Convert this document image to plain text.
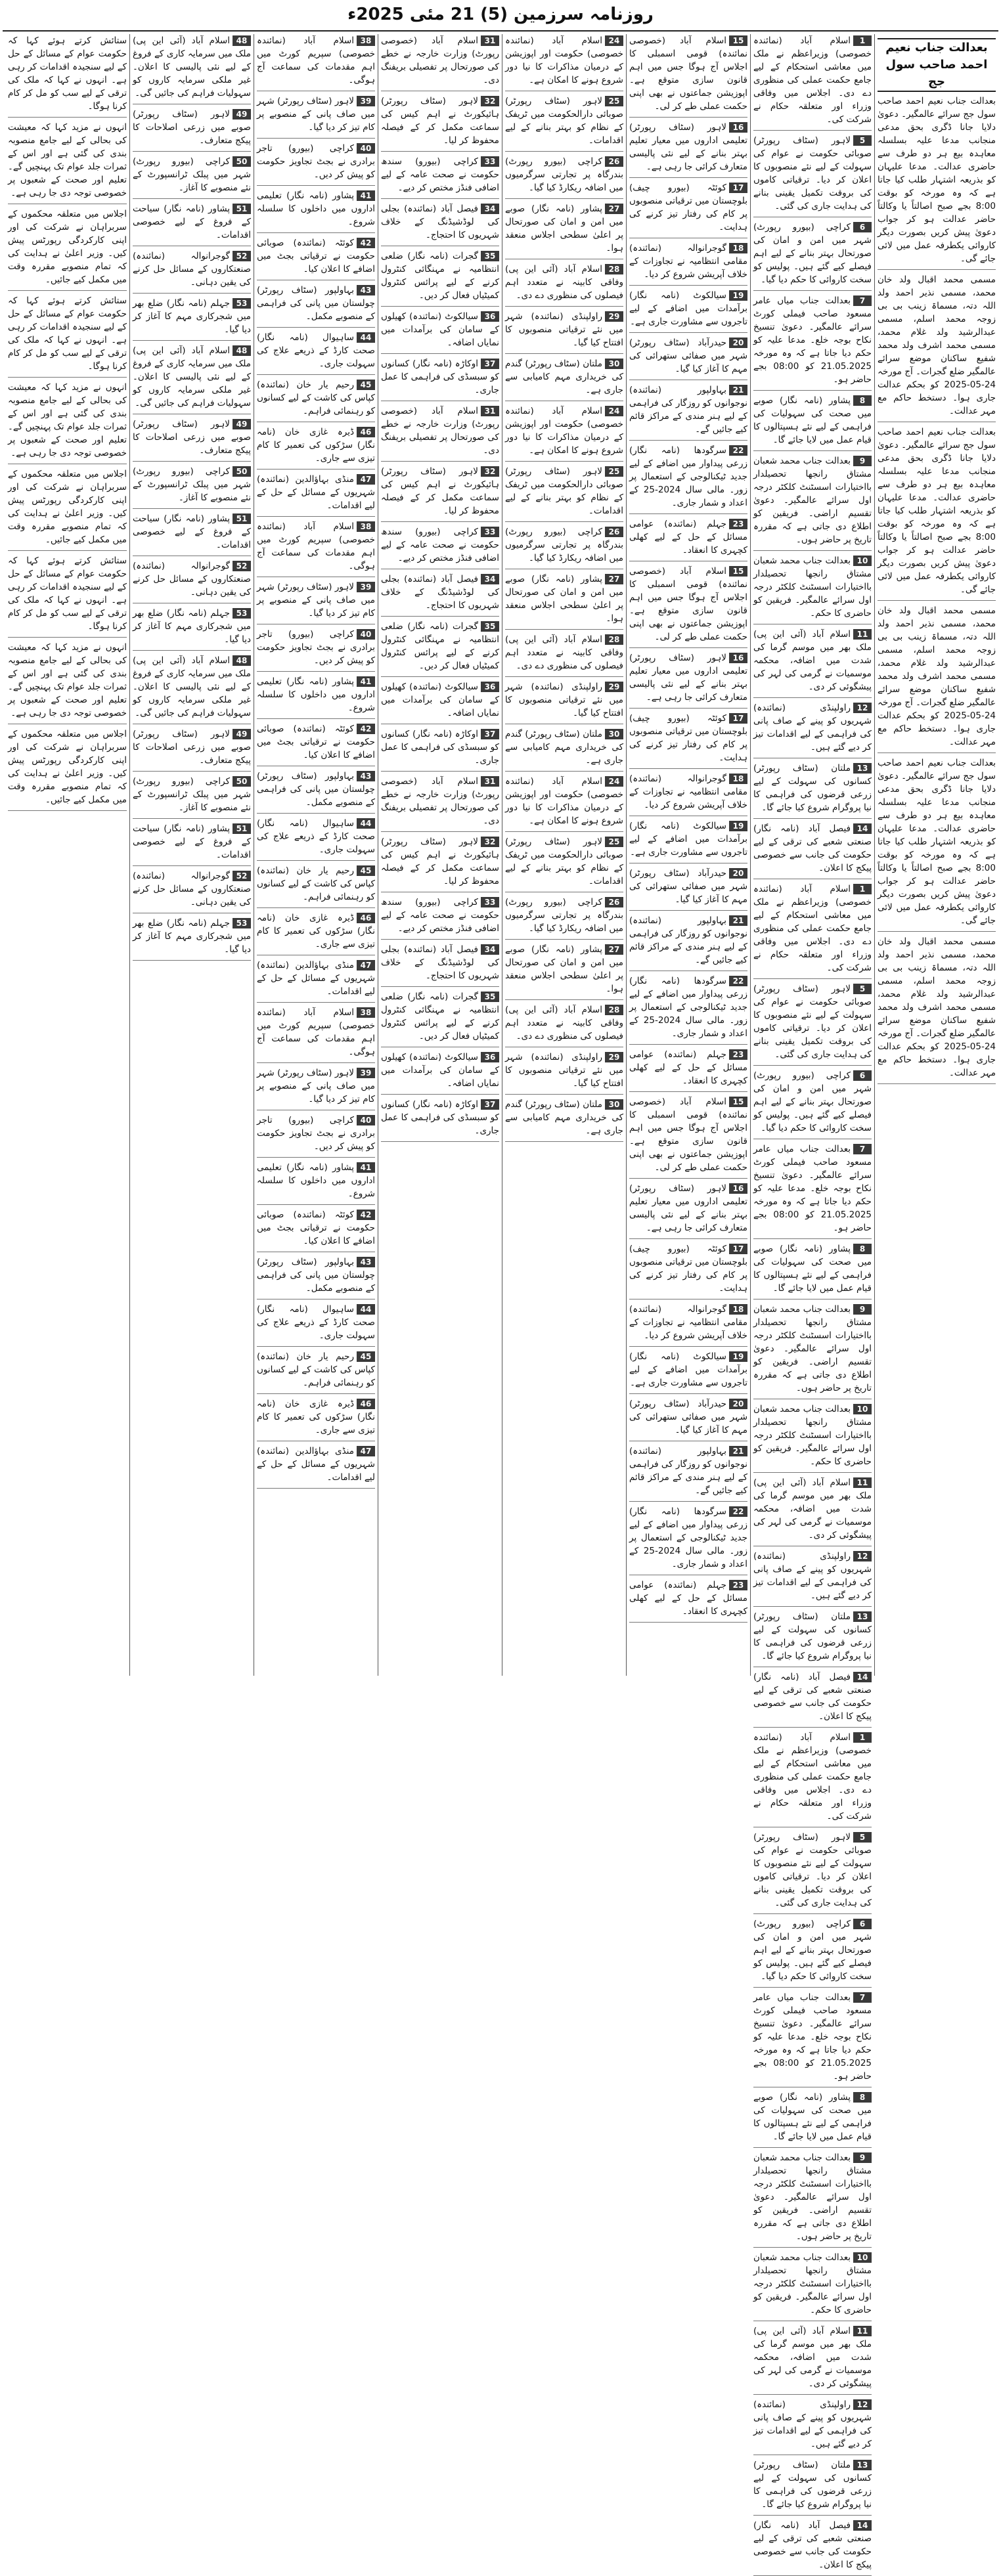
روزنامہ سرزمین (5) 21 مئی 2025ء
بعدالت جناب نعیم احمد صاحب سول جج
بعدالت جناب نعیم احمد صاحب سول جج سرائے عالمگیر۔ دعویٰ دلایا جانا ڈگری بحق مدعی منجانب مدعا علیہ بسلسلہ معاہدہ بیع ہر دو طرف سے حاضری عدالت۔ مدعا علیہان کو بذریعہ اشتہار طلب کیا جاتا ہے کہ وہ مورخہ کو بوقت 8:00 بجے صبح اصالتاً یا وکالتاً حاضر عدالت ہو کر جواب دعویٰ پیش کریں بصورت دیگر کاروائی یکطرفہ عمل میں لائی جائے گی۔
مسمی محمد اقبال ولد خان محمد، مسمی نذیر احمد ولد اللہ دتہ، مسماۃ زینب بی بی زوجہ محمد اسلم، مسمی عبدالرشید ولد غلام محمد، مسمی محمد اشرف ولد محمد شفیع ساکنان موضع سرائے عالمگیر ضلع گجرات۔ آج مورخہ 24-05-2025 کو بحکم عدالت جاری ہوا۔ دستخط حاکم مع مہر عدالت۔
بعدالت جناب نعیم احمد صاحب سول جج سرائے عالمگیر۔ دعویٰ دلایا جانا ڈگری بحق مدعی منجانب مدعا علیہ بسلسلہ معاہدہ بیع ہر دو طرف سے حاضری عدالت۔ مدعا علیہان کو بذریعہ اشتہار طلب کیا جاتا ہے کہ وہ مورخہ کو بوقت 8:00 بجے صبح اصالتاً یا وکالتاً حاضر عدالت ہو کر جواب دعویٰ پیش کریں بصورت دیگر کاروائی یکطرفہ عمل میں لائی جائے گی۔
مسمی محمد اقبال ولد خان محمد، مسمی نذیر احمد ولد اللہ دتہ، مسماۃ زینب بی بی زوجہ محمد اسلم، مسمی عبدالرشید ولد غلام محمد، مسمی محمد اشرف ولد محمد شفیع ساکنان موضع سرائے عالمگیر ضلع گجرات۔ آج مورخہ 24-05-2025 کو بحکم عدالت جاری ہوا۔ دستخط حاکم مع مہر عدالت۔
بعدالت جناب نعیم احمد صاحب سول جج سرائے عالمگیر۔ دعویٰ دلایا جانا ڈگری بحق مدعی منجانب مدعا علیہ بسلسلہ معاہدہ بیع ہر دو طرف سے حاضری عدالت۔ مدعا علیہان کو بذریعہ اشتہار طلب کیا جاتا ہے کہ وہ مورخہ کو بوقت 8:00 بجے صبح اصالتاً یا وکالتاً حاضر عدالت ہو کر جواب دعویٰ پیش کریں بصورت دیگر کاروائی یکطرفہ عمل میں لائی جائے گی۔
مسمی محمد اقبال ولد خان محمد، مسمی نذیر احمد ولد اللہ دتہ، مسماۃ زینب بی بی زوجہ محمد اسلم، مسمی عبدالرشید ولد غلام محمد، مسمی محمد اشرف ولد محمد شفیع ساکنان موضع سرائے عالمگیر ضلع گجرات۔ آج مورخہ 24-05-2025 کو بحکم عدالت جاری ہوا۔ دستخط حاکم مع مہر عدالت۔
1اسلام آباد (نمائندہ خصوصی) وزیراعظم نے ملک میں معاشی استحکام کے لیے جامع حکمت عملی کی منظوری دے دی۔ اجلاس میں وفاقی وزراء اور متعلقہ حکام نے شرکت کی۔
5لاہور (سٹاف رپورٹر) صوبائی حکومت نے عوام کی سہولت کے لیے نئے منصوبوں کا اعلان کر دیا۔ ترقیاتی کاموں کی بروقت تکمیل یقینی بنانے کی ہدایت جاری کی گئی۔
6کراچی (بیورو رپورٹ) شہر میں امن و امان کی صورتحال بہتر بنانے کے لیے اہم فیصلے کیے گئے ہیں۔ پولیس کو سخت کاروائی کا حکم دیا گیا۔
7بعدالت جناب میاں عامر مسعود صاحب فیملی کورٹ سرائے عالمگیر۔ دعویٰ تنسیخ نکاح بوجہ خلع۔ مدعا علیہ کو حکم دیا جاتا ہے کہ وہ مورخہ 21.05.2025 کو 08:00 بجے حاضر ہو۔
8پشاور (نامہ نگار) صوبے میں صحت کی سہولیات کی فراہمی کے لیے نئے ہسپتالوں کا قیام عمل میں لایا جائے گا۔
9بعدالت جناب محمد شعبان مشتاق رانجھا تحصیلدار بااختیارات اسسٹنٹ کلکٹر درجہ اول سرائے عالمگیر۔ دعویٰ تقسیم اراضی۔ فریقین کو اطلاع دی جاتی ہے کہ مقررہ تاریخ پر حاضر ہوں۔
10بعدالت جناب محمد شعبان مشتاق رانجھا تحصیلدار بااختیارات اسسٹنٹ کلکٹر درجہ اول سرائے عالمگیر۔ فریقین کو حاضری کا حکم۔
11اسلام آباد (آئی این پی) ملک بھر میں موسم گرما کی شدت میں اضافہ، محکمہ موسمیات نے گرمی کی لہر کی پیشگوئی کر دی۔
12راولپنڈی (نمائندہ) شہریوں کو پینے کے صاف پانی کی فراہمی کے لیے اقدامات تیز کر دیے گئے ہیں۔
13ملتان (سٹاف رپورٹر) کسانوں کی سہولت کے لیے زرعی قرضوں کی فراہمی کا نیا پروگرام شروع کیا جائے گا۔
14فیصل آباد (نامہ نگار) صنعتی شعبے کی ترقی کے لیے حکومت کی جانب سے خصوصی پیکج کا اعلان۔
1اسلام آباد (نمائندہ خصوصی) وزیراعظم نے ملک میں معاشی استحکام کے لیے جامع حکمت عملی کی منظوری دے دی۔ اجلاس میں وفاقی وزراء اور متعلقہ حکام نے شرکت کی۔
5لاہور (سٹاف رپورٹر) صوبائی حکومت نے عوام کی سہولت کے لیے نئے منصوبوں کا اعلان کر دیا۔ ترقیاتی کاموں کی بروقت تکمیل یقینی بنانے کی ہدایت جاری کی گئی۔
6کراچی (بیورو رپورٹ) شہر میں امن و امان کی صورتحال بہتر بنانے کے لیے اہم فیصلے کیے گئے ہیں۔ پولیس کو سخت کاروائی کا حکم دیا گیا۔
7بعدالت جناب میاں عامر مسعود صاحب فیملی کورٹ سرائے عالمگیر۔ دعویٰ تنسیخ نکاح بوجہ خلع۔ مدعا علیہ کو حکم دیا جاتا ہے کہ وہ مورخہ 21.05.2025 کو 08:00 بجے حاضر ہو۔
8پشاور (نامہ نگار) صوبے میں صحت کی سہولیات کی فراہمی کے لیے نئے ہسپتالوں کا قیام عمل میں لایا جائے گا۔
9بعدالت جناب محمد شعبان مشتاق رانجھا تحصیلدار بااختیارات اسسٹنٹ کلکٹر درجہ اول سرائے عالمگیر۔ دعویٰ تقسیم اراضی۔ فریقین کو اطلاع دی جاتی ہے کہ مقررہ تاریخ پر حاضر ہوں۔
10بعدالت جناب محمد شعبان مشتاق رانجھا تحصیلدار بااختیارات اسسٹنٹ کلکٹر درجہ اول سرائے عالمگیر۔ فریقین کو حاضری کا حکم۔
11اسلام آباد (آئی این پی) ملک بھر میں موسم گرما کی شدت میں اضافہ، محکمہ موسمیات نے گرمی کی لہر کی پیشگوئی کر دی۔
12راولپنڈی (نمائندہ) شہریوں کو پینے کے صاف پانی کی فراہمی کے لیے اقدامات تیز کر دیے گئے ہیں۔
13ملتان (سٹاف رپورٹر) کسانوں کی سہولت کے لیے زرعی قرضوں کی فراہمی کا نیا پروگرام شروع کیا جائے گا۔
14فیصل آباد (نامہ نگار) صنعتی شعبے کی ترقی کے لیے حکومت کی جانب سے خصوصی پیکج کا اعلان۔
1اسلام آباد (نمائندہ خصوصی) وزیراعظم نے ملک میں معاشی استحکام کے لیے جامع حکمت عملی کی منظوری دے دی۔ اجلاس میں وفاقی وزراء اور متعلقہ حکام نے شرکت کی۔
5لاہور (سٹاف رپورٹر) صوبائی حکومت نے عوام کی سہولت کے لیے نئے منصوبوں کا اعلان کر دیا۔ ترقیاتی کاموں کی بروقت تکمیل یقینی بنانے کی ہدایت جاری کی گئی۔
6کراچی (بیورو رپورٹ) شہر میں امن و امان کی صورتحال بہتر بنانے کے لیے اہم فیصلے کیے گئے ہیں۔ پولیس کو سخت کاروائی کا حکم دیا گیا۔
7بعدالت جناب میاں عامر مسعود صاحب فیملی کورٹ سرائے عالمگیر۔ دعویٰ تنسیخ نکاح بوجہ خلع۔ مدعا علیہ کو حکم دیا جاتا ہے کہ وہ مورخہ 21.05.2025 کو 08:00 بجے حاضر ہو۔
8پشاور (نامہ نگار) صوبے میں صحت کی سہولیات کی فراہمی کے لیے نئے ہسپتالوں کا قیام عمل میں لایا جائے گا۔
9بعدالت جناب محمد شعبان مشتاق رانجھا تحصیلدار بااختیارات اسسٹنٹ کلکٹر درجہ اول سرائے عالمگیر۔ دعویٰ تقسیم اراضی۔ فریقین کو اطلاع دی جاتی ہے کہ مقررہ تاریخ پر حاضر ہوں۔
10بعدالت جناب محمد شعبان مشتاق رانجھا تحصیلدار بااختیارات اسسٹنٹ کلکٹر درجہ اول سرائے عالمگیر۔ فریقین کو حاضری کا حکم۔
11اسلام آباد (آئی این پی) ملک بھر میں موسم گرما کی شدت میں اضافہ، محکمہ موسمیات نے گرمی کی لہر کی پیشگوئی کر دی۔
12راولپنڈی (نمائندہ) شہریوں کو پینے کے صاف پانی کی فراہمی کے لیے اقدامات تیز کر دیے گئے ہیں۔
13ملتان (سٹاف رپورٹر) کسانوں کی سہولت کے لیے زرعی قرضوں کی فراہمی کا نیا پروگرام شروع کیا جائے گا۔
14فیصل آباد (نامہ نگار) صنعتی شعبے کی ترقی کے لیے حکومت کی جانب سے خصوصی پیکج کا اعلان۔
15اسلام آباد (خصوصی نمائندہ) قومی اسمبلی کا اجلاس آج ہوگا جس میں اہم قانون سازی متوقع ہے۔ اپوزیشن جماعتوں نے بھی اپنی حکمت عملی طے کر لی۔
16لاہور (سٹاف رپورٹر) تعلیمی اداروں میں معیار تعلیم بہتر بنانے کے لیے نئی پالیسی متعارف کرائی جا رہی ہے۔
17کوئٹہ (بیورو چیف) بلوچستان میں ترقیاتی منصوبوں پر کام کی رفتار تیز کرنے کی ہدایت۔
18گوجرانوالہ (نمائندہ) مقامی انتظامیہ نے تجاوزات کے خلاف آپریشن شروع کر دیا۔
19سیالکوٹ (نامہ نگار) برآمدات میں اضافے کے لیے تاجروں سے مشاورت جاری ہے۔
20حیدرآباد (سٹاف رپورٹر) شہر میں صفائی ستھرائی کی مہم کا آغاز کیا گیا۔
21بہاولپور (نمائندہ) نوجوانوں کو روزگار کی فراہمی کے لیے ہنر مندی کے مراکز قائم کیے جائیں گے۔
22سرگودھا (نامہ نگار) زرعی پیداوار میں اضافے کے لیے جدید ٹیکنالوجی کے استعمال پر زور۔ مالی سال 2024-25 کے اعداد و شمار جاری۔
23جہلم (نمائندہ) عوامی مسائل کے حل کے لیے کھلی کچہری کا انعقاد۔
15اسلام آباد (خصوصی نمائندہ) قومی اسمبلی کا اجلاس آج ہوگا جس میں اہم قانون سازی متوقع ہے۔ اپوزیشن جماعتوں نے بھی اپنی حکمت عملی طے کر لی۔
16لاہور (سٹاف رپورٹر) تعلیمی اداروں میں معیار تعلیم بہتر بنانے کے لیے نئی پالیسی متعارف کرائی جا رہی ہے۔
17کوئٹہ (بیورو چیف) بلوچستان میں ترقیاتی منصوبوں پر کام کی رفتار تیز کرنے کی ہدایت۔
18گوجرانوالہ (نمائندہ) مقامی انتظامیہ نے تجاوزات کے خلاف آپریشن شروع کر دیا۔
19سیالکوٹ (نامہ نگار) برآمدات میں اضافے کے لیے تاجروں سے مشاورت جاری ہے۔
20حیدرآباد (سٹاف رپورٹر) شہر میں صفائی ستھرائی کی مہم کا آغاز کیا گیا۔
21بہاولپور (نمائندہ) نوجوانوں کو روزگار کی فراہمی کے لیے ہنر مندی کے مراکز قائم کیے جائیں گے۔
22سرگودھا (نامہ نگار) زرعی پیداوار میں اضافے کے لیے جدید ٹیکنالوجی کے استعمال پر زور۔ مالی سال 2024-25 کے اعداد و شمار جاری۔
23جہلم (نمائندہ) عوامی مسائل کے حل کے لیے کھلی کچہری کا انعقاد۔
15اسلام آباد (خصوصی نمائندہ) قومی اسمبلی کا اجلاس آج ہوگا جس میں اہم قانون سازی متوقع ہے۔ اپوزیشن جماعتوں نے بھی اپنی حکمت عملی طے کر لی۔
16لاہور (سٹاف رپورٹر) تعلیمی اداروں میں معیار تعلیم بہتر بنانے کے لیے نئی پالیسی متعارف کرائی جا رہی ہے۔
17کوئٹہ (بیورو چیف) بلوچستان میں ترقیاتی منصوبوں پر کام کی رفتار تیز کرنے کی ہدایت۔
18گوجرانوالہ (نمائندہ) مقامی انتظامیہ نے تجاوزات کے خلاف آپریشن شروع کر دیا۔
19سیالکوٹ (نامہ نگار) برآمدات میں اضافے کے لیے تاجروں سے مشاورت جاری ہے۔
20حیدرآباد (سٹاف رپورٹر) شہر میں صفائی ستھرائی کی مہم کا آغاز کیا گیا۔
21بہاولپور (نمائندہ) نوجوانوں کو روزگار کی فراہمی کے لیے ہنر مندی کے مراکز قائم کیے جائیں گے۔
22سرگودھا (نامہ نگار) زرعی پیداوار میں اضافے کے لیے جدید ٹیکنالوجی کے استعمال پر زور۔ مالی سال 2024-25 کے اعداد و شمار جاری۔
23جہلم (نمائندہ) عوامی مسائل کے حل کے لیے کھلی کچہری کا انعقاد۔
24اسلام آباد (نمائندہ خصوصی) حکومت اور اپوزیشن کے درمیان مذاکرات کا نیا دور شروع ہونے کا امکان ہے۔
25لاہور (سٹاف رپورٹر) صوبائی دارالحکومت میں ٹریفک کے نظام کو بہتر بنانے کے لیے اقدامات۔
26کراچی (بیورو رپورٹ) بندرگاہ پر تجارتی سرگرمیوں میں اضافہ ریکارڈ کیا گیا۔
27پشاور (نامہ نگار) صوبے میں امن و امان کی صورتحال پر اعلیٰ سطحی اجلاس منعقد ہوا۔
28اسلام آباد (آئی این پی) وفاقی کابینہ نے متعدد اہم فیصلوں کی منظوری دے دی۔
29راولپنڈی (نمائندہ) شہر میں نئے ترقیاتی منصوبوں کا افتتاح کیا گیا۔
30ملتان (سٹاف رپورٹر) گندم کی خریداری مہم کامیابی سے جاری ہے۔
24اسلام آباد (نمائندہ خصوصی) حکومت اور اپوزیشن کے درمیان مذاکرات کا نیا دور شروع ہونے کا امکان ہے۔
25لاہور (سٹاف رپورٹر) صوبائی دارالحکومت میں ٹریفک کے نظام کو بہتر بنانے کے لیے اقدامات۔
26کراچی (بیورو رپورٹ) بندرگاہ پر تجارتی سرگرمیوں میں اضافہ ریکارڈ کیا گیا۔
27پشاور (نامہ نگار) صوبے میں امن و امان کی صورتحال پر اعلیٰ سطحی اجلاس منعقد ہوا۔
28اسلام آباد (آئی این پی) وفاقی کابینہ نے متعدد اہم فیصلوں کی منظوری دے دی۔
29راولپنڈی (نمائندہ) شہر میں نئے ترقیاتی منصوبوں کا افتتاح کیا گیا۔
30ملتان (سٹاف رپورٹر) گندم کی خریداری مہم کامیابی سے جاری ہے۔
24اسلام آباد (نمائندہ خصوصی) حکومت اور اپوزیشن کے درمیان مذاکرات کا نیا دور شروع ہونے کا امکان ہے۔
25لاہور (سٹاف رپورٹر) صوبائی دارالحکومت میں ٹریفک کے نظام کو بہتر بنانے کے لیے اقدامات۔
26کراچی (بیورو رپورٹ) بندرگاہ پر تجارتی سرگرمیوں میں اضافہ ریکارڈ کیا گیا۔
27پشاور (نامہ نگار) صوبے میں امن و امان کی صورتحال پر اعلیٰ سطحی اجلاس منعقد ہوا۔
28اسلام آباد (آئی این پی) وفاقی کابینہ نے متعدد اہم فیصلوں کی منظوری دے دی۔
29راولپنڈی (نمائندہ) شہر میں نئے ترقیاتی منصوبوں کا افتتاح کیا گیا۔
30ملتان (سٹاف رپورٹر) گندم کی خریداری مہم کامیابی سے جاری ہے۔
31اسلام آباد (خصوصی رپورٹ) وزارت خارجہ نے خطے کی صورتحال پر تفصیلی بریفنگ دی۔
32لاہور (سٹاف رپورٹر) ہائیکورٹ نے اہم کیس کی سماعت مکمل کر کے فیصلہ محفوظ کر لیا۔
33کراچی (بیورو) سندھ حکومت نے صحت عامہ کے لیے اضافی فنڈز مختص کر دیے۔
34فیصل آباد (نمائندہ) بجلی کی لوڈشیڈنگ کے خلاف شہریوں کا احتجاج۔
35گجرات (نامہ نگار) ضلعی انتظامیہ نے مہنگائی کنٹرول کرنے کے لیے پرائس کنٹرول کمیٹیاں فعال کر دیں۔
36سیالکوٹ (نمائندہ) کھیلوں کے سامان کی برآمدات میں نمایاں اضافہ۔
37اوکاڑہ (نامہ نگار) کسانوں کو سبسڈی کی فراہمی کا عمل جاری۔
31اسلام آباد (خصوصی رپورٹ) وزارت خارجہ نے خطے کی صورتحال پر تفصیلی بریفنگ دی۔
32لاہور (سٹاف رپورٹر) ہائیکورٹ نے اہم کیس کی سماعت مکمل کر کے فیصلہ محفوظ کر لیا۔
33کراچی (بیورو) سندھ حکومت نے صحت عامہ کے لیے اضافی فنڈز مختص کر دیے۔
34فیصل آباد (نمائندہ) بجلی کی لوڈشیڈنگ کے خلاف شہریوں کا احتجاج۔
35گجرات (نامہ نگار) ضلعی انتظامیہ نے مہنگائی کنٹرول کرنے کے لیے پرائس کنٹرول کمیٹیاں فعال کر دیں۔
36سیالکوٹ (نمائندہ) کھیلوں کے سامان کی برآمدات میں نمایاں اضافہ۔
37اوکاڑہ (نامہ نگار) کسانوں کو سبسڈی کی فراہمی کا عمل جاری۔
31اسلام آباد (خصوصی رپورٹ) وزارت خارجہ نے خطے کی صورتحال پر تفصیلی بریفنگ دی۔
32لاہور (سٹاف رپورٹر) ہائیکورٹ نے اہم کیس کی سماعت مکمل کر کے فیصلہ محفوظ کر لیا۔
33کراچی (بیورو) سندھ حکومت نے صحت عامہ کے لیے اضافی فنڈز مختص کر دیے۔
34فیصل آباد (نمائندہ) بجلی کی لوڈشیڈنگ کے خلاف شہریوں کا احتجاج۔
35گجرات (نامہ نگار) ضلعی انتظامیہ نے مہنگائی کنٹرول کرنے کے لیے پرائس کنٹرول کمیٹیاں فعال کر دیں۔
36سیالکوٹ (نمائندہ) کھیلوں کے سامان کی برآمدات میں نمایاں اضافہ۔
37اوکاڑہ (نامہ نگار) کسانوں کو سبسڈی کی فراہمی کا عمل جاری۔
38اسلام آباد (نمائندہ خصوصی) سپریم کورٹ میں اہم مقدمات کی سماعت آج ہوگی۔
39لاہور (سٹاف رپورٹر) شہر میں صاف پانی کے منصوبے پر کام تیز کر دیا گیا۔
40کراچی (بیورو) تاجر برادری نے بجٹ تجاویز حکومت کو پیش کر دیں۔
41پشاور (نامہ نگار) تعلیمی اداروں میں داخلوں کا سلسلہ شروع۔
42کوئٹہ (نمائندہ) صوبائی حکومت نے ترقیاتی بجٹ میں اضافے کا اعلان کیا۔
43بہاولپور (سٹاف رپورٹر) چولستان میں پانی کی فراہمی کے منصوبے مکمل۔
44ساہیوال (نامہ نگار) صحت کارڈ کے ذریعے علاج کی سہولت جاری۔
45رحیم یار خان (نمائندہ) کپاس کی کاشت کے لیے کسانوں کو رہنمائی فراہم۔
46ڈیرہ غازی خان (نامہ نگار) سڑکوں کی تعمیر کا کام تیزی سے جاری۔
47منڈی بہاؤالدین (نمائندہ) شہریوں کے مسائل کے حل کے لیے اقدامات۔
38اسلام آباد (نمائندہ خصوصی) سپریم کورٹ میں اہم مقدمات کی سماعت آج ہوگی۔
39لاہور (سٹاف رپورٹر) شہر میں صاف پانی کے منصوبے پر کام تیز کر دیا گیا۔
40کراچی (بیورو) تاجر برادری نے بجٹ تجاویز حکومت کو پیش کر دیں۔
41پشاور (نامہ نگار) تعلیمی اداروں میں داخلوں کا سلسلہ شروع۔
42کوئٹہ (نمائندہ) صوبائی حکومت نے ترقیاتی بجٹ میں اضافے کا اعلان کیا۔
43بہاولپور (سٹاف رپورٹر) چولستان میں پانی کی فراہمی کے منصوبے مکمل۔
44ساہیوال (نامہ نگار) صحت کارڈ کے ذریعے علاج کی سہولت جاری۔
45رحیم یار خان (نمائندہ) کپاس کی کاشت کے لیے کسانوں کو رہنمائی فراہم۔
46ڈیرہ غازی خان (نامہ نگار) سڑکوں کی تعمیر کا کام تیزی سے جاری۔
47منڈی بہاؤالدین (نمائندہ) شہریوں کے مسائل کے حل کے لیے اقدامات۔
38اسلام آباد (نمائندہ خصوصی) سپریم کورٹ میں اہم مقدمات کی سماعت آج ہوگی۔
39لاہور (سٹاف رپورٹر) شہر میں صاف پانی کے منصوبے پر کام تیز کر دیا گیا۔
40کراچی (بیورو) تاجر برادری نے بجٹ تجاویز حکومت کو پیش کر دیں۔
41پشاور (نامہ نگار) تعلیمی اداروں میں داخلوں کا سلسلہ شروع۔
42کوئٹہ (نمائندہ) صوبائی حکومت نے ترقیاتی بجٹ میں اضافے کا اعلان کیا۔
43بہاولپور (سٹاف رپورٹر) چولستان میں پانی کی فراہمی کے منصوبے مکمل۔
44ساہیوال (نامہ نگار) صحت کارڈ کے ذریعے علاج کی سہولت جاری۔
45رحیم یار خان (نمائندہ) کپاس کی کاشت کے لیے کسانوں کو رہنمائی فراہم۔
46ڈیرہ غازی خان (نامہ نگار) سڑکوں کی تعمیر کا کام تیزی سے جاری۔
47منڈی بہاؤالدین (نمائندہ) شہریوں کے مسائل کے حل کے لیے اقدامات۔
48اسلام آباد (آئی این پی) ملک میں سرمایہ کاری کے فروغ کے لیے نئی پالیسی کا اعلان۔ غیر ملکی سرمایہ کاروں کو سہولیات فراہم کی جائیں گی۔
49لاہور (سٹاف رپورٹر) صوبے میں زرعی اصلاحات کا پیکج متعارف۔
50کراچی (بیورو رپورٹ) شہر میں پبلک ٹرانسپورٹ کے نئے منصوبے کا آغاز۔
51پشاور (نامہ نگار) سیاحت کے فروغ کے لیے خصوصی اقدامات۔
52گوجرانوالہ (نمائندہ) صنعتکاروں کے مسائل حل کرنے کی یقین دہانی۔
53جہلم (نامہ نگار) ضلع بھر میں شجرکاری مہم کا آغاز کر دیا گیا۔
48اسلام آباد (آئی این پی) ملک میں سرمایہ کاری کے فروغ کے لیے نئی پالیسی کا اعلان۔ غیر ملکی سرمایہ کاروں کو سہولیات فراہم کی جائیں گی۔
49لاہور (سٹاف رپورٹر) صوبے میں زرعی اصلاحات کا پیکج متعارف۔
50کراچی (بیورو رپورٹ) شہر میں پبلک ٹرانسپورٹ کے نئے منصوبے کا آغاز۔
51پشاور (نامہ نگار) سیاحت کے فروغ کے لیے خصوصی اقدامات۔
52گوجرانوالہ (نمائندہ) صنعتکاروں کے مسائل حل کرنے کی یقین دہانی۔
53جہلم (نامہ نگار) ضلع بھر میں شجرکاری مہم کا آغاز کر دیا گیا۔
48اسلام آباد (آئی این پی) ملک میں سرمایہ کاری کے فروغ کے لیے نئی پالیسی کا اعلان۔ غیر ملکی سرمایہ کاروں کو سہولیات فراہم کی جائیں گی۔
49لاہور (سٹاف رپورٹر) صوبے میں زرعی اصلاحات کا پیکج متعارف۔
50کراچی (بیورو رپورٹ) شہر میں پبلک ٹرانسپورٹ کے نئے منصوبے کا آغاز۔
51پشاور (نامہ نگار) سیاحت کے فروغ کے لیے خصوصی اقدامات۔
52گوجرانوالہ (نمائندہ) صنعتکاروں کے مسائل حل کرنے کی یقین دہانی۔
53جہلم (نامہ نگار) ضلع بھر میں شجرکاری مہم کا آغاز کر دیا گیا۔
ستائش کرتے ہوئے کہا کہ حکومت عوام کے مسائل کے حل کے لیے سنجیدہ اقدامات کر رہی ہے۔ انہوں نے کہا کہ ملک کی ترقی کے لیے سب کو مل کر کام کرنا ہوگا۔
انہوں نے مزید کہا کہ معیشت کی بحالی کے لیے جامع منصوبہ بندی کی گئی ہے اور اس کے ثمرات جلد عوام تک پہنچیں گے۔ تعلیم اور صحت کے شعبوں پر خصوصی توجہ دی جا رہی ہے۔
اجلاس میں متعلقہ محکموں کے سربراہان نے شرکت کی اور اپنی کارکردگی رپورٹس پیش کیں۔ وزیر اعلیٰ نے ہدایت کی کہ تمام منصوبے مقررہ وقت میں مکمل کیے جائیں۔
ستائش کرتے ہوئے کہا کہ حکومت عوام کے مسائل کے حل کے لیے سنجیدہ اقدامات کر رہی ہے۔ انہوں نے کہا کہ ملک کی ترقی کے لیے سب کو مل کر کام کرنا ہوگا۔
انہوں نے مزید کہا کہ معیشت کی بحالی کے لیے جامع منصوبہ بندی کی گئی ہے اور اس کے ثمرات جلد عوام تک پہنچیں گے۔ تعلیم اور صحت کے شعبوں پر خصوصی توجہ دی جا رہی ہے۔
اجلاس میں متعلقہ محکموں کے سربراہان نے شرکت کی اور اپنی کارکردگی رپورٹس پیش کیں۔ وزیر اعلیٰ نے ہدایت کی کہ تمام منصوبے مقررہ وقت میں مکمل کیے جائیں۔
ستائش کرتے ہوئے کہا کہ حکومت عوام کے مسائل کے حل کے لیے سنجیدہ اقدامات کر رہی ہے۔ انہوں نے کہا کہ ملک کی ترقی کے لیے سب کو مل کر کام کرنا ہوگا۔
انہوں نے مزید کہا کہ معیشت کی بحالی کے لیے جامع منصوبہ بندی کی گئی ہے اور اس کے ثمرات جلد عوام تک پہنچیں گے۔ تعلیم اور صحت کے شعبوں پر خصوصی توجہ دی جا رہی ہے۔
اجلاس میں متعلقہ محکموں کے سربراہان نے شرکت کی اور اپنی کارکردگی رپورٹس پیش کیں۔ وزیر اعلیٰ نے ہدایت کی کہ تمام منصوبے مقررہ وقت میں مکمل کیے جائیں۔
